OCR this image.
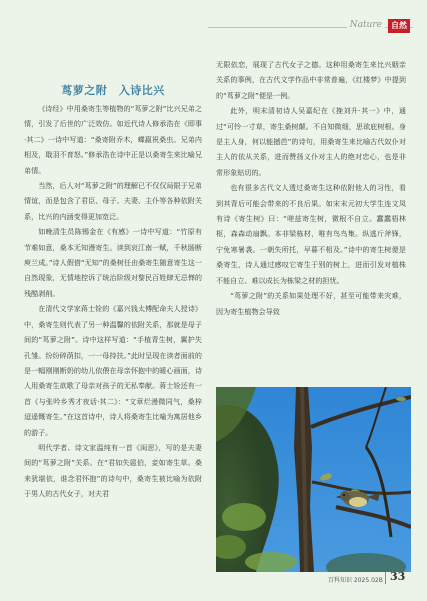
Nature	自然
茑萝之附　入诗比兴

《诗经》中用桑寄生等植物的“茑萝之附”比兴兄弟之情，引发了后世的广泛效仿。如近代诗人修承浩在《即事·其二》一诗中写道：“桑寄附乔木，蝶嬴祝桑虫。兄弟内相及，戢羽不育怒。”修承浩在诗中正是以桑寄生来比喻兄弟情。

当然，后人对“茑萝之附”的理解已不仅仅局限于兄弟情谊，而是包含了君臣、母子、夫妻、主仆等各种依附关系，比兴的内涵变得更加宽泛。

如晚清生员陈锡金在《有感》一诗中写道：“竹原有节难如意，桑本无知漫寄生。读到哀江南一赋，千秋肠断庾兰成。”诗人假借“无知”的桑树任由桑寄生随意寄生这一自然现象，无情地控诉了统治阶级对黎民百姓肆无忌惮的残酷剥削。

在清代文学家蒋士铨的《嘉兴钱太傅配命夫人授诗》中，桑寄生则代表了另一种温馨的依附关系，那就是母子间的“茑萝之附”。诗中这样写道：“手植青生树，翼护失孔雏。纷纷碎荫扣，一一母持扶。”此时呈现在读者面前的是一幅刚刚断奶的幼儿依偎在母亲怀抱中的暖心画面，诗人用桑寄生欲歌了母亲对孩子的无私奉献。蒋士铨还有一首《与张吟乡秀才夜话·其二》：“文章烂漫微同气，桑梓迢遥慨寄生。”在这首诗中，诗人将桑寄生比喻为寓居他乡的游子。

明代学者、诗文家温纯有一首《闺思》，写的是夫妻间的“茑萝之附”关系。在“君如失扈伯，妾如寄生草。桑来犹堪依，谁念君怀抱”的诗句中，桑寄生被比喻为依附于男人的古代女子，对夫君

无限依恋，展现了古代女子之德。这种用桑寄生来比兴姻亲关系的事例，在古代文学作品中非常普遍，《红楼梦》中提到的“茑萝之附”便是一例。

此外，明末清初诗人吴嘉纪在《挽刘升·其一》中，通过“可怜一寸草，寄生桑树颠。不自知微细，思欲庇树根。身是主人身，何以能撼芭”的诗句，用桑寄生来比喻古代奴仆对主人的依从关系，进而赞扬义仆对主人的绝对忠心，也是非常形象贴切的。

也有很多古代文人透过桑寄生这种依附他人的习性，看到其背后可能会带来的不良后果。如宋末元初大学生连文凤有诗《寄生树》曰：“嗟兹寄生树，微根不自立。蠢蠢梧林枢，森森动扇飘。本非梁栋材，唯有鸟鸟集。纵逃斤斧锋，宁免寒暑袭。一朝失所托，早暮不相及。”诗中的寄生树便是桑寄生，诗人通过感叹它寄生于别的树上，进而引发对植株不能自立、难以成长为栋梁之材的担忧。

“茑萝之附”的关系如果处理不好，甚至可能带来灾难，因为寄生植物会导致

百科知识 2025.02B 33
